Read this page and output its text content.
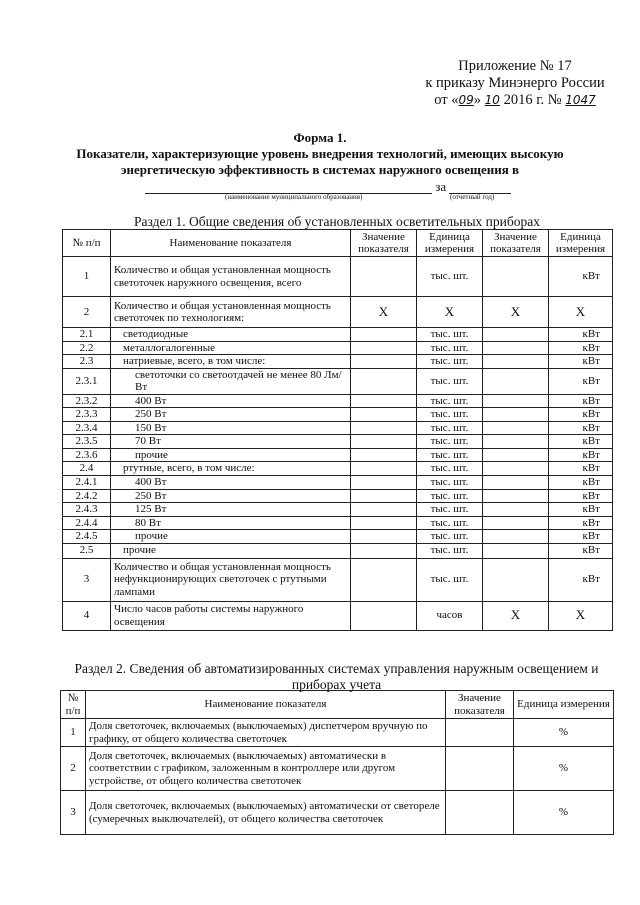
Приложение № 17
к приказу Минэнерго России
от «09» 10 2016 г. № 1047
Форма 1.
Показатели, характеризующие уровень внедрения технологий, имеющих высокую
энергетическую эффективность в системах наружного освещения в
за
(наименование муниципального образования)	(отчетный год)
Раздел 1. Общие сведения об установленных осветительных приборах
№ п/п	Наименование показателя	Значение показателя	Единица измерения	Значение показателя	Единица измерения
1	Количество и общая установленная мощность светоточек наружного освещения, всего		тыс. шт.		кВт
2	Количество и общая установленная мощность светоточек по технологиям:	Х	Х	Х	Х
2.1	светодиодные		тыс. шт.		кВт
2.2	металлогалогенные		тыс. шт.		кВт
2.3	натриевые, всего, в том числе:		тыс. шт.		кВт
2.3.1	светоточки со светоотдачей не менее 80 Лм/Вт		тыс. шт.		кВт
2.3.2	400 Вт		тыс. шт.		кВт
2.3.3	250 Вт		тыс. шт.		кВт
2.3.4	150 Вт		тыс. шт.		кВт
2.3.5	70 Вт		тыс. шт.		кВт
2.3.6	прочие		тыс. шт.		кВт
2.4	ртутные, всего, в том числе:		тыс. шт.		кВт
2.4.1	400 Вт		тыс. шт.		кВт
2.4.2	250 Вт		тыс. шт.		кВт
2.4.3	125 Вт		тыс. шт.		кВт
2.4.4	80 Вт		тыс. шт.		кВт
2.4.5	прочие		тыс. шт.		кВт
2.5	прочие		тыс. шт.		кВт
3	Количество и общая установленная мощность нефункционирующих светоточек с ртутными лампами		тыс. шт.		кВт
4	Число часов работы системы наружного освещения		часов	Х	Х
Раздел 2. Сведения об автоматизированных системах управления наружным освещением и приборах учета
№ п/п	Наименование показателя	Значение показателя	Единица измерения
1	Доля светоточек, включаемых (выключаемых) диспетчером вручную по графику, от общего количества светоточек		%
2	Доля светоточек, включаемых (выключаемых) автоматически в соответствии с графиком, заложенным в контроллере или другом устройстве, от общего количества светоточек		%
3	Доля светоточек, включаемых (выключаемых) автоматически от светореле (сумеречных выключателей), от общего количества светоточек		%
